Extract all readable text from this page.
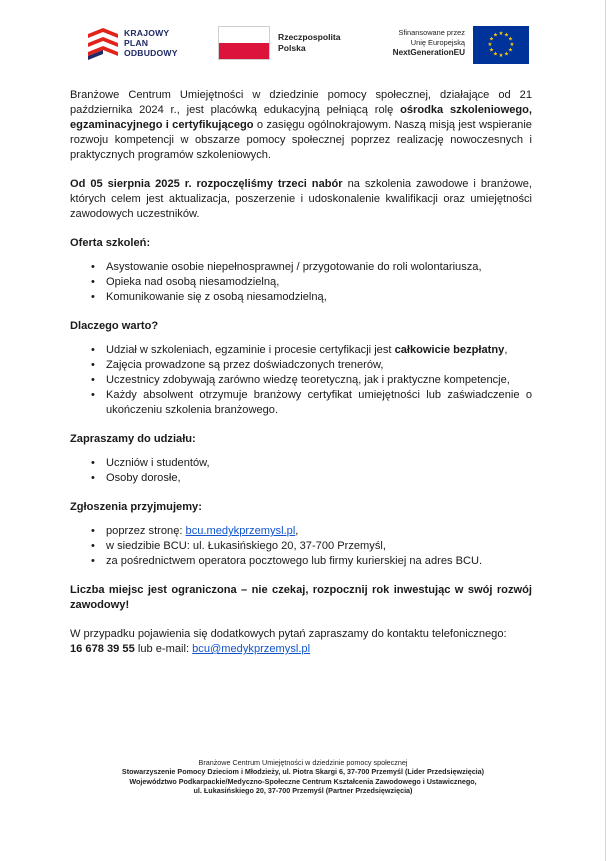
KRAJOWY
PLAN
ODBUDOWY
Rzeczpospolita
Polska
Sfinansowane przez
Unię Europejską
NextGenerationEU
★ ★
★
★
★
★
★
★
★
★
★
★

Branżowe Centrum Umiejętności w dziedzinie pomocy społecznej, działające od 21 października 2024 r., jest placówką edukacyjną pełniącą rolę ośrodka szkoleniowego, egzaminacyjnego i certyfikującego o zasięgu ogólnokrajowym. Naszą misją jest wspieranie rozwoju kompetencji w obszarze pomocy społecznej poprzez realizację nowoczesnych i praktycznych programów szkoleniowych.

Od 05 sierpnia 2025 r. rozpoczęliśmy trzeci nabór na szkolenia zawodowe i branżowe, których celem jest aktualizacja, poszerzenie i udoskonalenie kwalifikacji oraz umiejętności zawodowych uczestników.

Oferta szkoleń:

• Asystowanie osobie niepełnosprawnej / przygotowanie do roli wolontariusza,
• Opieka nad osobą niesamodzielną,
• Komunikowanie się z osobą niesamodzielną,

Dlaczego warto?

• Udział w szkoleniach, egzaminie i procesie certyfikacji jest całkowicie bezpłatny,
• Zajęcia prowadzone są przez doświadczonych trenerów,
• Uczestnicy zdobywają zarówno wiedzę teoretyczną, jak i praktyczne kompetencje,
• Każdy absolwent otrzymuje branżowy certyfikat umiejętności lub zaświadczenie o ukończeniu szkolenia branżowego.

Zapraszamy do udziału:

• Uczniów i studentów,
• Osoby dorosłe,

Zgłoszenia przyjmujemy:

• poprzez stronę: bcu.medykprzemysl.pl,
• w siedzibie BCU: ul. Łukasińskiego 20, 37-700 Przemyśl,
• za pośrednictwem operatora pocztowego lub firmy kurierskiej na adres BCU.

Liczba miejsc jest ograniczona – nie czekaj, rozpocznij rok inwestując w swój rozwój zawodowy!

W przypadku pojawienia się dodatkowych pytań zapraszamy do kontaktu telefonicznego:
16 678 39 55 lub e-mail: bcu@medykprzemysl.pl

Branżowe Centrum Umiejętności w dziedzinie pomocy społecznej
Stowarzyszenie Pomocy Dzieciom i Młodzieży, ul. Piotra Skargi 6, 37-700 Przemyśl (Lider Przedsięwzięcia)
Województwo Podkarpackie/Medyczno-Społeczne Centrum Kształcenia Zawodowego i Ustawicznego,
ul. Łukasińskiego 20, 37-700 Przemyśl (Partner Przedsięwzięcia)
